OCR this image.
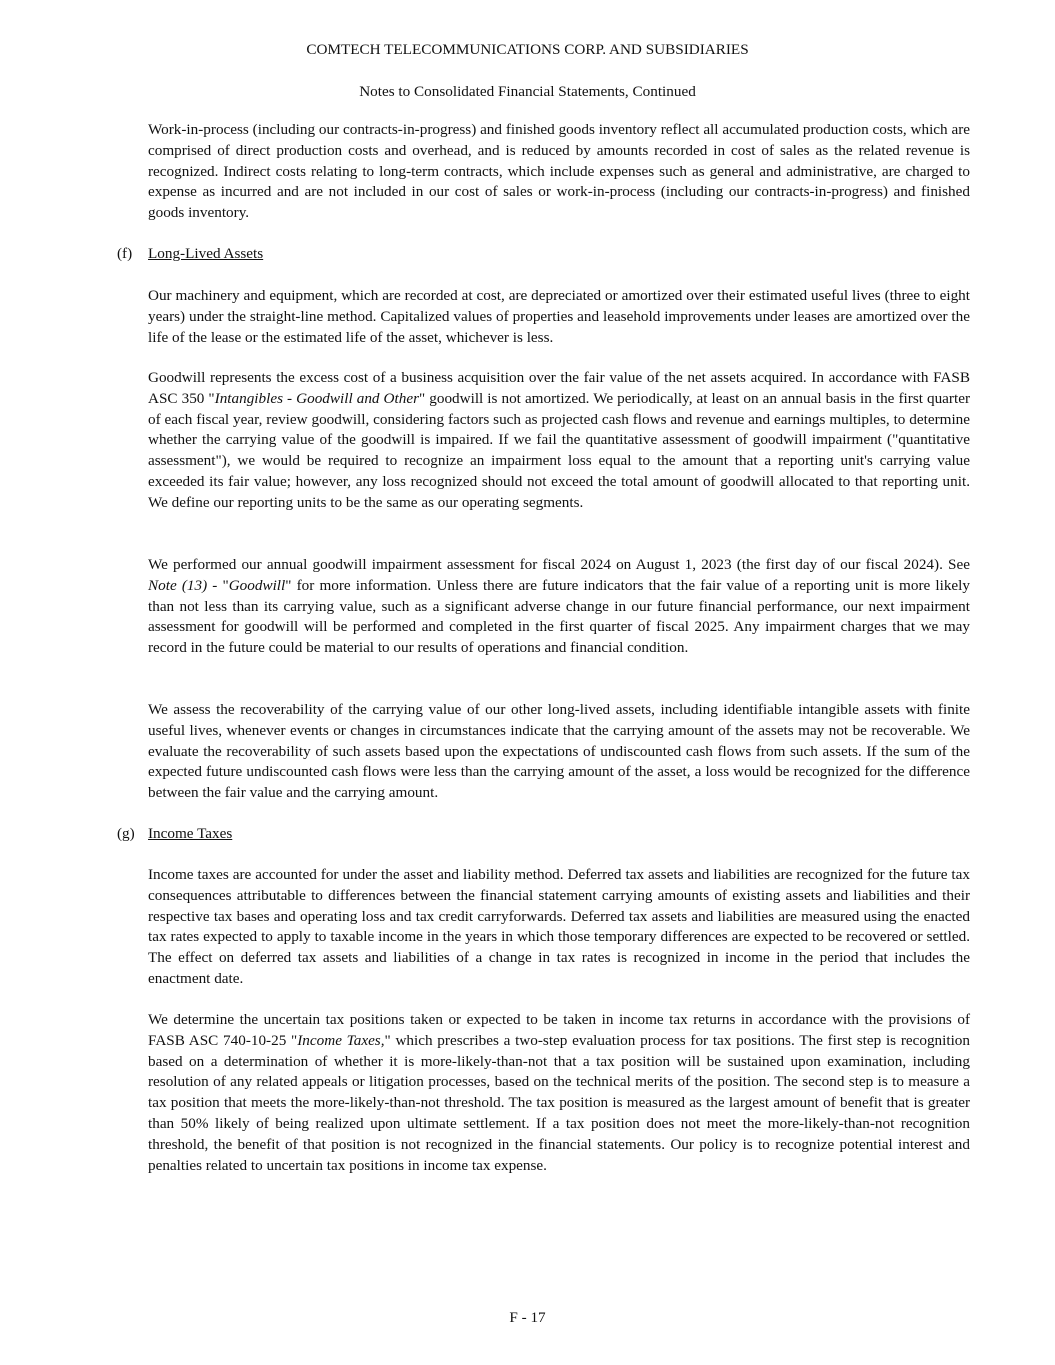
COMTECH TELECOMMUNICATIONS CORP. AND SUBSIDIARIES
Notes to Consolidated Financial Statements, Continued

Work-in-process (including our contracts-in-progress) and finished goods inventory reflect all accumulated production costs, which are comprised of direct production costs and overhead, and is reduced by amounts recorded in cost of sales as the related revenue is recognized. Indirect costs relating to long-term contracts, which include expenses such as general and administrative, are charged to expense as incurred and are not included in our cost of sales or work-in-process (including our contracts-in-progress) and finished goods inventory.

(f) Long-Lived Assets

Our machinery and equipment, which are recorded at cost, are depreciated or amortized over their estimated useful lives (three to eight years) under the straight-line method. Capitalized values of properties and leasehold improvements under leases are amortized over the life of the lease or the estimated life of the asset, whichever is less.

Goodwill represents the excess cost of a business acquisition over the fair value of the net assets acquired. In accordance with FASB ASC 350 "Intangibles - Goodwill and Other" goodwill is not amortized. We periodically, at least on an annual basis in the first quarter of each fiscal year, review goodwill, considering factors such as projected cash flows and revenue and earnings multiples, to determine whether the carrying value of the goodwill is impaired. If we fail the quantitative assessment of goodwill impairment ("quantitative assessment"), we would be required to recognize an impairment loss equal to the amount that a reporting unit's carrying value exceeded its fair value; however, any loss recognized should not exceed the total amount of goodwill allocated to that reporting unit. We define our reporting units to be the same as our operating segments.

We performed our annual goodwill impairment assessment for fiscal 2024 on August 1, 2023 (the first day of our fiscal 2024). See Note (13) - "Goodwill" for more information. Unless there are future indicators that the fair value of a reporting unit is more likely than not less than its carrying value, such as a significant adverse change in our future financial performance, our next impairment assessment for goodwill will be performed and completed in the first quarter of fiscal 2025. Any impairment charges that we may record in the future could be material to our results of operations and financial condition.

We assess the recoverability of the carrying value of our other long-lived assets, including identifiable intangible assets with finite useful lives, whenever events or changes in circumstances indicate that the carrying amount of the assets may not be recoverable. We evaluate the recoverability of such assets based upon the expectations of undiscounted cash flows from such assets. If the sum of the expected future undiscounted cash flows were less than the carrying amount of the asset, a loss would be recognized for the difference between the fair value and the carrying amount.

(g) Income Taxes

Income taxes are accounted for under the asset and liability method. Deferred tax assets and liabilities are recognized for the future tax consequences attributable to differences between the financial statement carrying amounts of existing assets and liabilities and their respective tax bases and operating loss and tax credit carryforwards. Deferred tax assets and liabilities are measured using the enacted tax rates expected to apply to taxable income in the years in which those temporary differences are expected to be recovered or settled. The effect on deferred tax assets and liabilities of a change in tax rates is recognized in income in the period that includes the enactment date.

We determine the uncertain tax positions taken or expected to be taken in income tax returns in accordance with the provisions of FASB ASC 740-10-25 "Income Taxes," which prescribes a two-step evaluation process for tax positions. The first step is recognition based on a determination of whether it is more-likely-than-not that a tax position will be sustained upon examination, including resolution of any related appeals or litigation processes, based on the technical merits of the position. The second step is to measure a tax position that meets the more-likely-than-not threshold. The tax position is measured as the largest amount of benefit that is greater than 50% likely of being realized upon ultimate settlement. If a tax position does not meet the more-likely-than-not recognition threshold, the benefit of that position is not recognized in the financial statements. Our policy is to recognize potential interest and penalties related to uncertain tax positions in income tax expense.

F - 17
